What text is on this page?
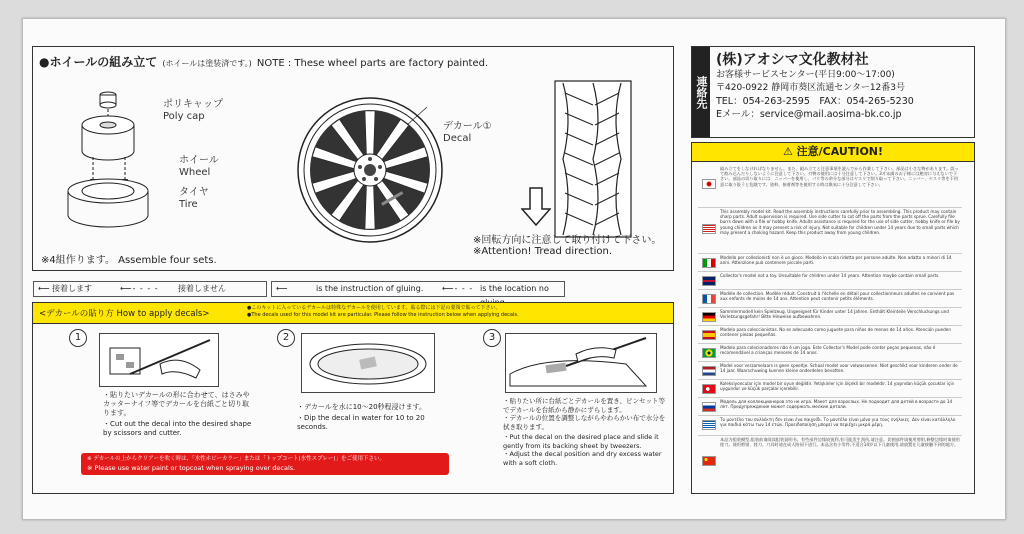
●ホイールの組み立て (ホイールは塗装済です。) NOTE : These wheel parts are factory painted.
ポリキャップ
Poly cap
ホイール
Wheel
タイヤ
Tire
デカール①
Decal
※4組作ります。 Assemble four sets.
※回転方向に注意して取り付けて下さい。
※Attention! Tread direction.
⟵ 接着します	⟵- - - - 接着しません	⟵	is the instruction of gluing. ⟵- - - is the location no
<デカールの貼り方 How to apply decals>
●このキットに入っているデカールは特殊なデカールを使用しています。貼る際には下記の要領で貼って下さい。
●The decals used for this model kit are particular. Please follow the instruction below when applying decals.
1
・貼りたいデカールの形に合わせて、はさみやカッターナイフ等でデカールを台紙ごと切り取ります。
・Cut out the decal into the desired shape by scissors and cutter.
2
・デカールを水に10～20秒程浸けます。
・Dip the decal in water for 10 to 20 seconds.
3
・貼りたい所に台紙ごとデカールを置き、ピンセット等でデカールを台紙から静かにずらします。
・デカールの位置を調整しながらやわらかい布で水分を拭き取ります。
・Put the decal on the desired place and slide it gently from its backing sheet by tweezers.
・Adjust the decal position and dry excess water with a soft cloth.
※ デカールの上からクリアーを吹く時は、「水性ホビーカラー」または「トップコート(水性スプレー)」をご使用下さい。
※ Please use water paint or topcoat when spraying over decals.
連絡先
(株)アオシマ文化教材社
お客様サービスセンター(平日9:00～17:00)
〒420-0922 静岡市葵区流通センター12番3号
TEL：054-263-2595　FAX：054-265-5230
Eメール：service@mail.aosima-bk.co.jp
⚠ 注意/CAUTION!
組み立てをしなければなりません。また、組み立てと注意事項を読んでから作業して下さい。部品は小さな物があります。誤って飲み込んだりしないように注意して下さい。刃物の使用には十分注意して下さい。3才未満のお子様には絶対に与えないで下さい。部品の切り取りには、ニッパーを使用し、パリ等の余分な部分はヤスリで削り取って下さい。ニッパー、ヤスリ等を不用意に取り扱うと危険です。塗料、接着剤等を使用する時は換気に十分注意して下さい。
This assembly model kit. Read the assembly instructions carefully prior to assembling. This product may contain sharp parts. Adult supervision is required. Use side cutter to cut off the parts from the parts sprue. Carefully file burrs down with a file or hobby knife. Adults assistance is required for the use of side cutter, hobby knife or file by young children as it may present a risk of injury. Not suitable for children under 14 years due to small parts which may present a choking hazard. Keep this product away from young children.
Modello per collezionisti non è un gioco. Modello in scala ridotta per persone adulte. Non adatto a minori di 14 anni. Attenzione può contenere piccole parti.
Collector's model not a toy. Unsuitable for children under 14 years. Attention maybe contain small parts.
Modèle de collection. Modèle réduit. Construit à l'échelle en détail pour collectionneurs adultes ne convient pas aux enfants de moins de 14 ans. Attention peut contenir petits éléments.
Sammlermodell kein Spielzeug. Ungeeignet für Kinder unter 14 Jahren. Enthält Kleinteile Verschluckungs und Verletzungsgefahr! Bitte Hinweise aufbewahren.
Modelo para coleccionistas. No es adecuado como juguete para niños de menos de 14 años. Atención pueden contener piezas pequeñas.
Modelo para colecionadores não é um jogo. Este Collector's Model pode conter peças pequenas, não é recomendável a crianças menores de 14 anos.
Model voor verzamelaars is geen speeltje. Schaal model voor volwassenen. Niet geschikt voor kinderen onder de 14 jaar. Waarschuwing kunnen kleine onderdelen bevatten.
Koleksiyoncular için model bir oyun değildir. Yetişkinler için ölçekli bir modeldir. 14 yaşından küçük çocuklar için uygundur ve küçük parçalar içerebilir.
Модель для коллекционеров это не игра. Макет для взрослых. Не подходит для детей в возрасте до 14 лет. Предупреждение может содержать мелкие детали.
Το μοντέλο του συλλέκτη δεν είναι ένα παιχνίδι. Το μοντέλο είναι μόνο για τους ενήλικες. Δεν είναι κατάλληλο για παιδιά κάτω των 14 ετών. Προειδοποίηση μπορεί να περιέχει μικρά μέρη.
本品为组装模型,组装前请阅读组装说明书。有些部件边缘较锐利,有可能发生刮伤,请注意。切割部件请使用剪钳,修整边缘时请使用锉刀。使用剪钳、锉刀、刀具时请在成人陪同下进行。本品含有小零件,不适合14岁以下儿童使用,请放置在儿童接触不到的地方。
